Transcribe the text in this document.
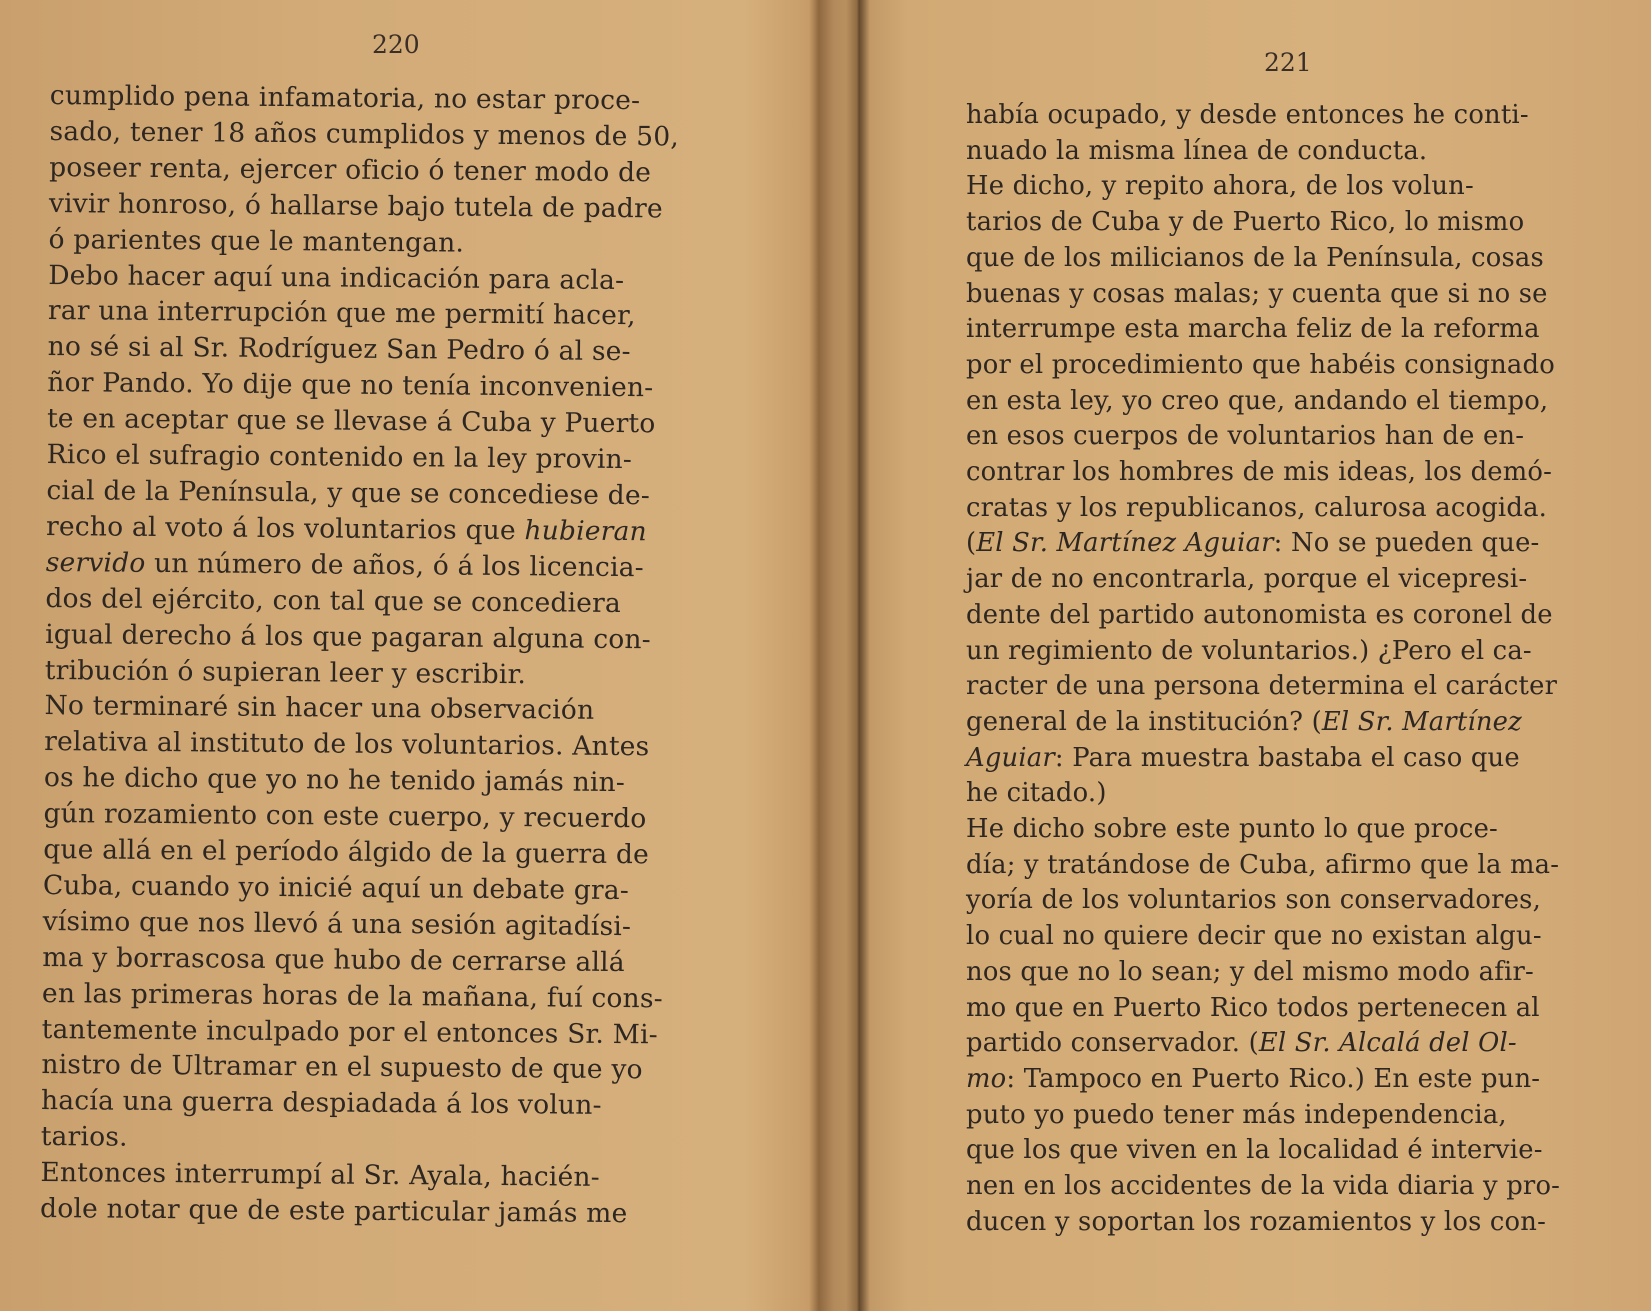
220
cumplido pena infamatoria, no estar proce-
sado, tener 18 años cumplidos y menos de 50,
poseer renta, ejercer oficio ó tener modo de
vivir honroso, ó hallarse bajo tutela de padre
ó parientes que le mantengan.
Debo hacer aquí una indicación para acla-
rar una interrupción que me permití hacer,
no sé si al Sr. Rodríguez San Pedro ó al se-
ñor Pando. Yo dije que no tenía inconvenien-
te en aceptar que se llevase á Cuba y Puerto
Rico el sufragio contenido en la ley provin-
cial de la Península, y que se concediese de-
recho al voto á los voluntarios que hubieran
servido un número de años, ó á los licencia-
dos del ejército, con tal que se concediera
igual derecho á los que pagaran alguna con-
tribución ó supieran leer y escribir.
No terminaré sin hacer una observación
relativa al instituto de los voluntarios. Antes
os he dicho que yo no he tenido jamás nin-
gún rozamiento con este cuerpo, y recuerdo
que allá en el período álgido de la guerra de
Cuba, cuando yo inicié aquí un debate gra-
vísimo que nos llevó á una sesión agitadísi-
ma y borrascosa que hubo de cerrarse allá
en las primeras horas de la mañana, fuí cons-
tantemente inculpado por el entonces Sr. Mi-
nistro de Ultramar en el supuesto de que yo
hacía una guerra despiadada á los volun-
tarios.
Entonces interrumpí al Sr. Ayala, hacién-
dole notar que de este particular jamás me
221
había ocupado, y desde entonces he conti-
nuado la misma línea de conducta.
He dicho, y repito ahora, de los volun-
tarios de Cuba y de Puerto Rico, lo mismo
que de los milicianos de la Península, cosas
buenas y cosas malas; y cuenta que si no se
interrumpe esta marcha feliz de la reforma
por el procedimiento que habéis consignado
en esta ley, yo creo que, andando el tiempo,
en esos cuerpos de voluntarios han de en-
contrar los hombres de mis ideas, los demó-
cratas y los republicanos, calurosa acogida.
(El Sr. Martínez Aguiar: No se pueden que-
jar de no encontrarla, porque el vicepresi-
dente del partido autonomista es coronel de
un regimiento de voluntarios.) ¿Pero el ca-
racter de una persona determina el carácter
general de la institución? (El Sr. Martínez
Aguiar: Para muestra bastaba el caso que
he citado.)
He dicho sobre este punto lo que proce-
día; y tratándose de Cuba, afirmo que la ma-
yoría de los voluntarios son conservadores,
lo cual no quiere decir que no existan algu-
nos que no lo sean; y del mismo modo afir-
mo que en Puerto Rico todos pertenecen al
partido conservador. (El Sr. Alcalá del Ol-
mo: Tampoco en Puerto Rico.) En este pun-
puto yo puedo tener más independencia,
que los que viven en la localidad é intervie-
nen en los accidentes de la vida diaria y pro-
ducen y soportan los rozamientos y los con-
